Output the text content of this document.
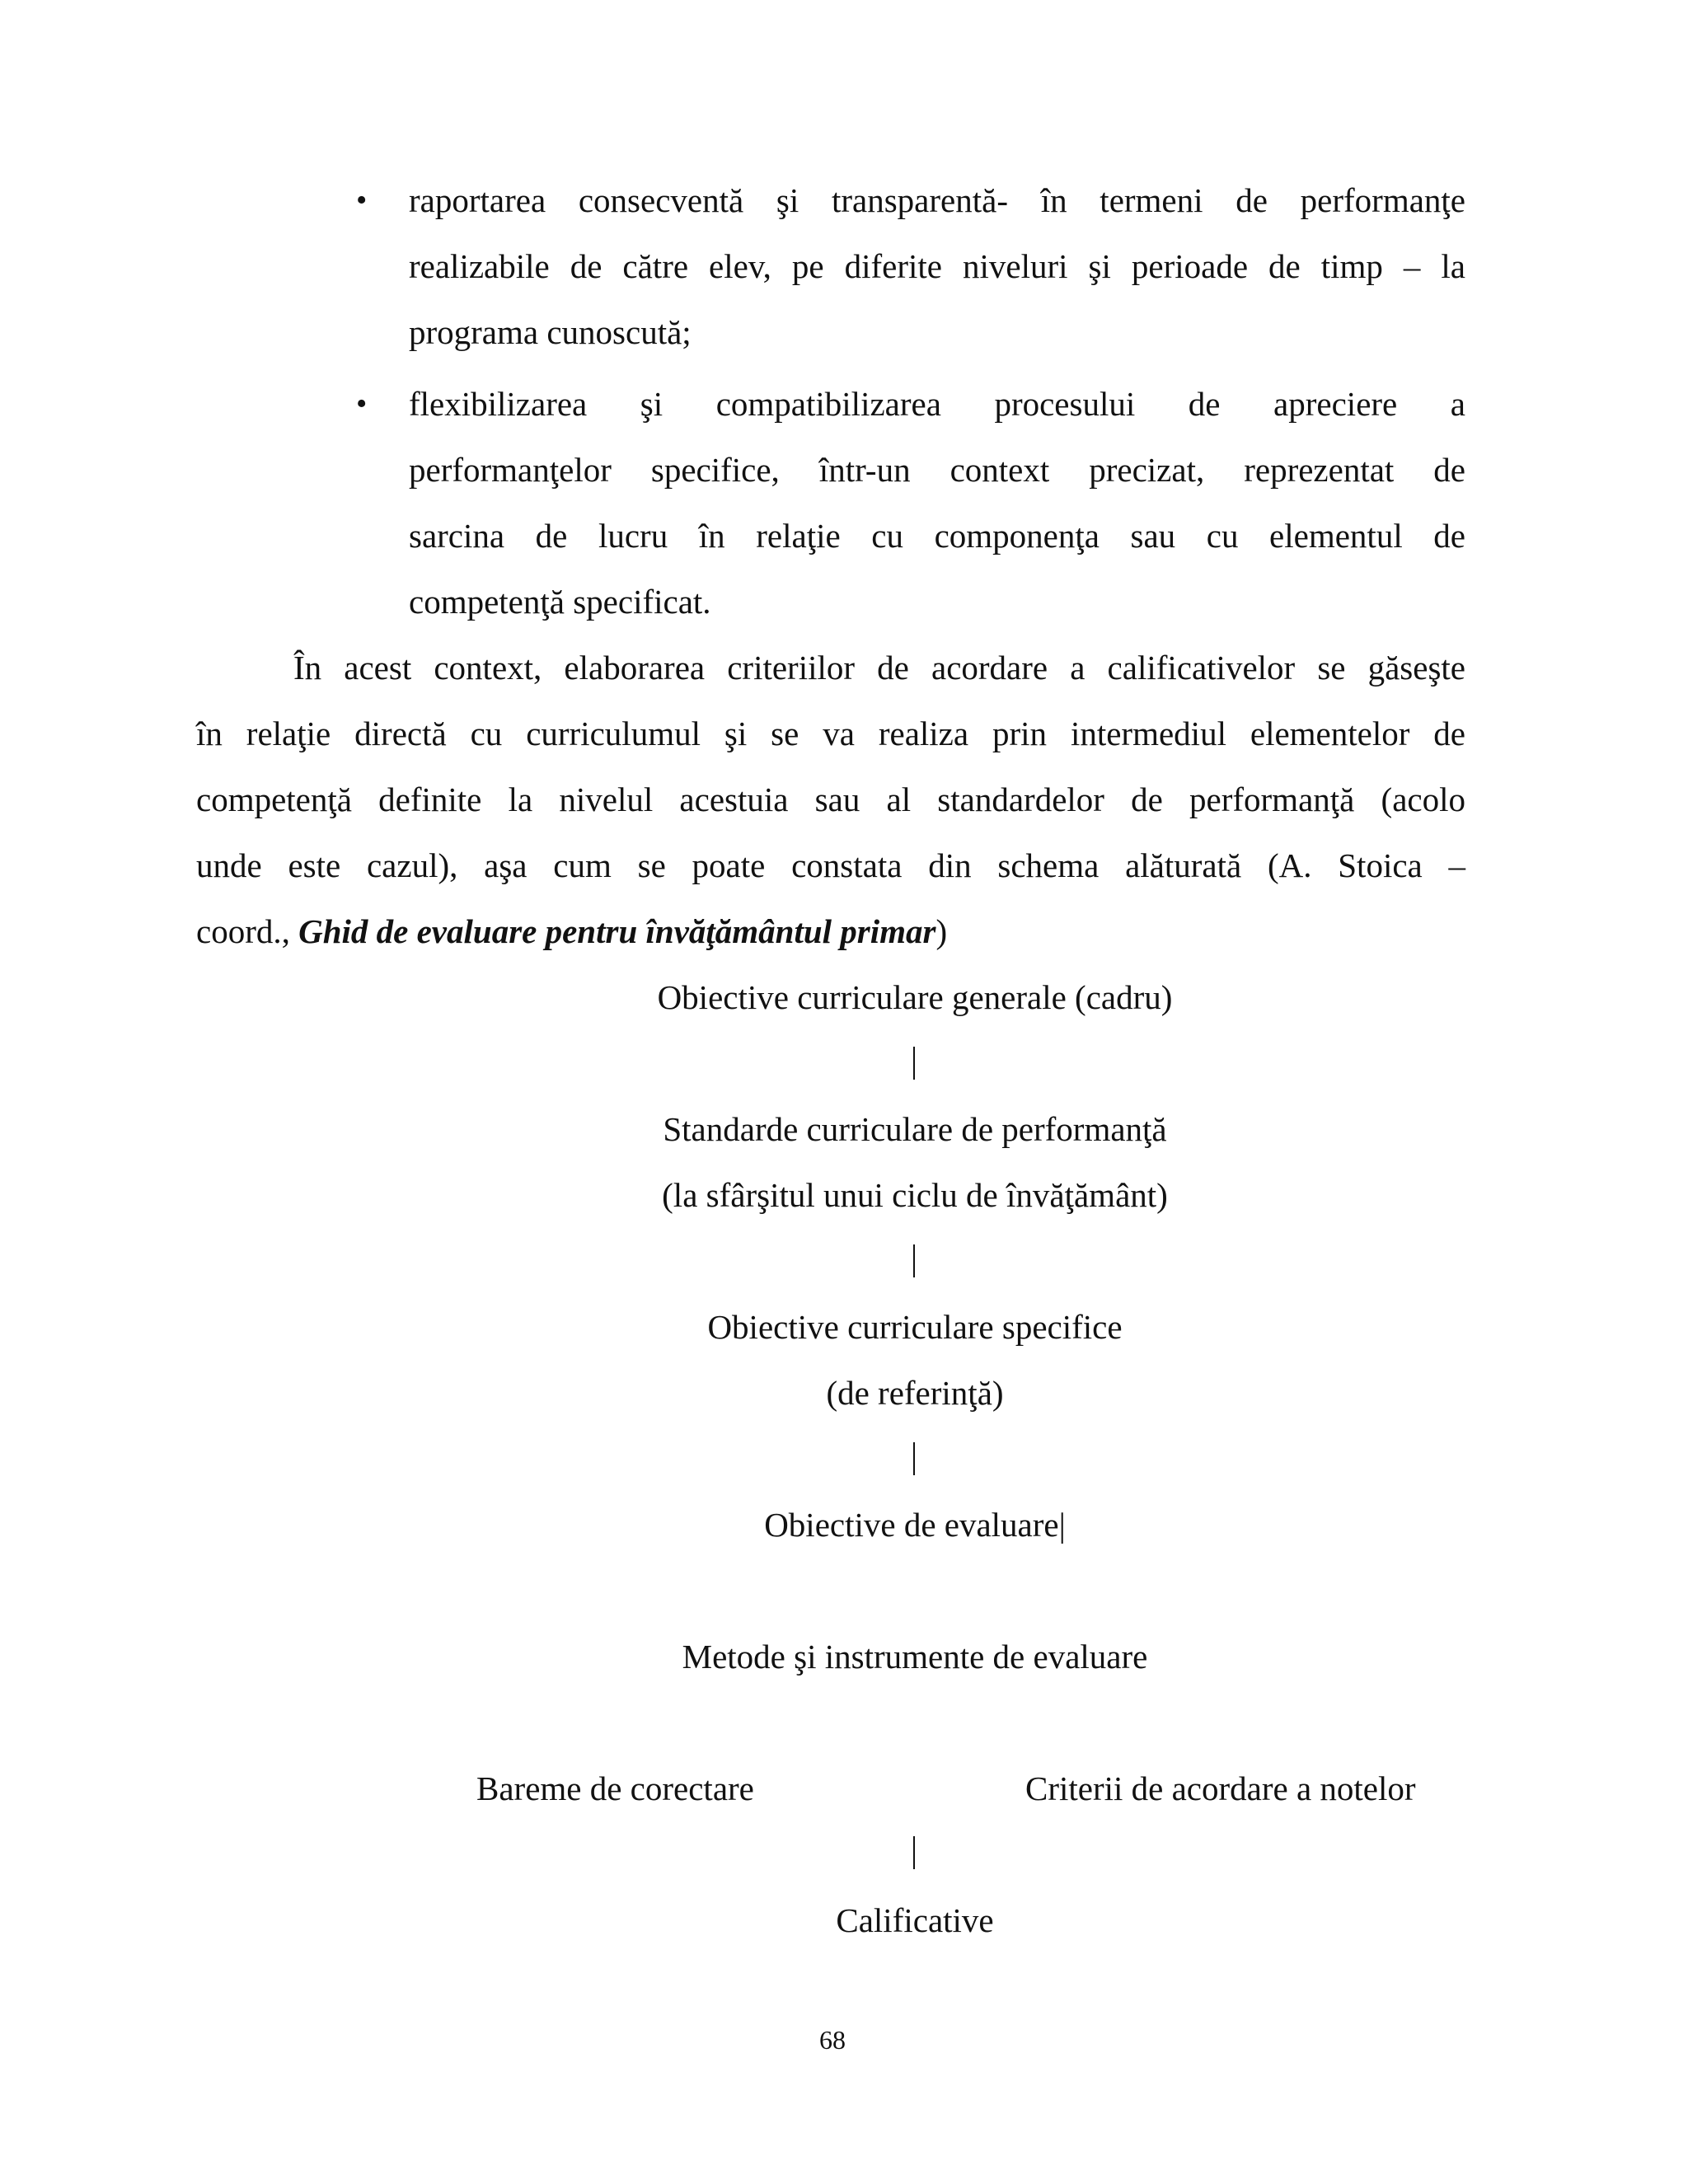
• raportarea consecventă şi transparentă- în termeni de performanţe
realizabile de către elev, pe diferite niveluri şi perioade de timp – la
programa cunoscută;
• flexibilizarea şi compatibilizarea procesului de apreciere a
performanţelor specifice, într-un context precizat, reprezentat de
sarcina de lucru în relaţie cu componenţa sau cu elementul de
competenţă specificat.
În acest context, elaborarea criteriilor de acordare a calificativelor se găseşte
în relaţie directă cu curriculumul şi se va realiza prin intermediul elementelor de
competenţă definite la nivelul acestuia sau al standardelor de performanţă (acolo
unde este cazul), aşa cum se poate constata din schema alăturată (A. Stoica –
coord., Ghid de evaluare pentru învăţământul primar)
Obiective curriculare generale (cadru)
Standarde curriculare de performanţă
(la sfârşitul unui ciclu de învăţământ)
Obiective curriculare specifice
(de referinţă)
Obiective de evaluare|
Metode şi instrumente de evaluare
Bareme de corectare	Criterii de acordare a notelor
Calificative
68
